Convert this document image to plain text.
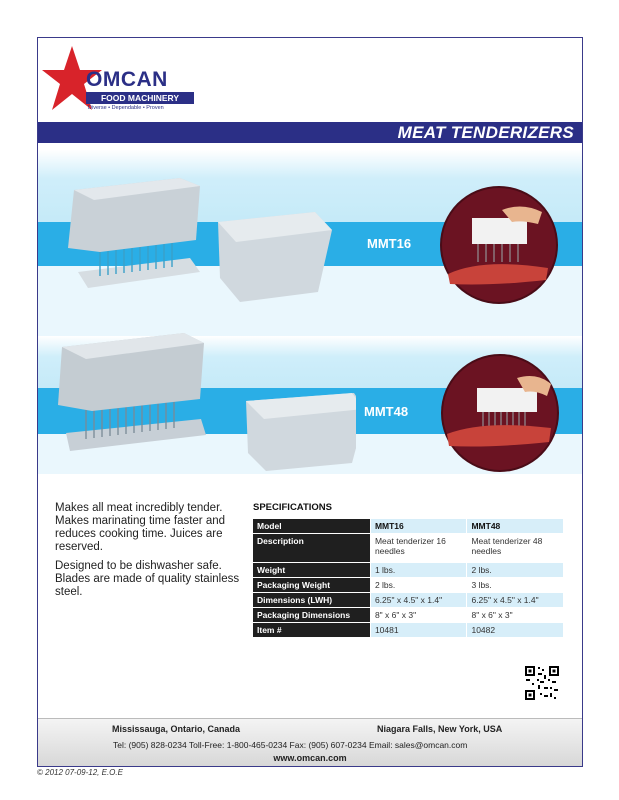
OMCAN
FOOD MACHINERY
Diverse • Dependable • Proven
MEAT TENDERIZERS
MMT16
MMT48

Makes all meat incredibly tender. Makes marinating time faster and reduces cooking time. Juices are reserved.

Designed to be dishwasher safe. Blades are made of quality stainless steel.

SPECIFICATIONS
Model	MMT16	MMT48
Description	Meat tenderizer 16 needles	Meat tenderizer 48 needles
Weight	1 lbs.	2 lbs.
Packaging Weight	2 lbs.	3 lbs.
Dimensions (LWH)	6.25" x 4.5" x 1.4"	6.25" x 4.5" x 1.4"
Packaging Dimensions	8" x 6" x 3"	8" x 6" x 3"
Item #	10481	10482
Mississauga, Ontario, Canada	Niagara Falls, New York, USA
Tel: (905) 828-0234 Toll-Free: 1-800-465-0234 Fax: (905) 607-0234 Email: sales@omcan.com
www.omcan.com
© 2012 07-09-12, E.O.E
